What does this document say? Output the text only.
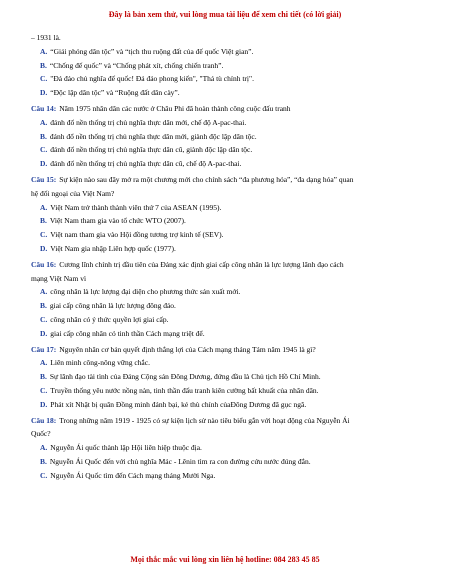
Đây là bản xem thử, vui lòng mua tài liệu để xem chi tiết (có lời giải)
– 1931 là.
A. “Giải phóng dân tộc” và “tịch thu ruộng đất của đế quốc Việt gian”.
B. “Chống đế quốc” và “Chống phát xít, chống chiến tranh”.
C. "Đả đảo chủ nghĩa đế quốc! Đả đảo phong kiến", "Thả tù chính trị".
D. “Độc lập dân tộc” và “Ruộng đất dân cày”.
Câu 14: Năm 1975 nhân dân các nước ở Châu Phi đã hoàn thành công cuộc đấu tranh
A. đánh đổ nền thống trị chủ nghĩa thực dân mới, chế độ A-pac-thai.
B. đánh đổ nền thống trị chủ nghĩa thực dân mới, giành độc lập dân tộc.
C. đánh đổ nền thống trị chủ nghĩa thực dân cũ, giành độc lập dân tộc.
D. đánh đổ nền thống trị chủ nghĩa thực dân cũ, chế độ A-pac-thai.
Câu 15: Sự kiện nào sau đây mở ra một chương mới cho chính sách “đa phương hóa”, “đa dạng hóa” quan
hệ đối ngoại của Việt Nam?
A. Việt Nam trở thành thành viên thứ 7 của ASEAN (1995).
B. Việt Nam tham gia vào tổ chức WTO (2007).
C. Việt nam tham gia vào Hội đồng tương trợ kinh tế (SEV).
D. Việt Nam gia nhập Liên hợp quốc (1977).
Câu 16: Cương lĩnh chính trị đầu tiên của Đảng xác định giai cấp công nhân là lực lượng lãnh đạo cách
mạng Việt Nam vì
A. công nhân là lực lượng đại diện cho phương thức sản xuất mới.
B. giai cấp công nhân là lực lượng đông đảo.
C. công nhân có ý thức quyền lợi giai cấp.
D. giai cấp công nhân có tinh thần Cách mạng triệt để.
Câu 17: Nguyên nhân cơ bản quyết định thắng lợi của Cách mạng tháng Tám năm 1945 là gì?
A. Liên minh công-nông vững chắc.
B. Sự lãnh đạo tài tình của Đảng Cộng sản Đông Dương, đứng đầu là Chủ tịch Hồ Chí Minh.
C. Truyền thống yêu nước nồng nàn, tinh thần đấu tranh kiên cường bất khuất của nhân dân.
D. Phát xít Nhật bị quân Đồng minh đánh bại, kẻ thù chính củaĐông Dương đã gục ngã.
Câu 18: Trong những năm 1919 - 1925 có sự kiện lịch sử nào tiêu biểu gắn với hoạt động của Nguyễn Ái
Quốc?
A. Nguyễn Ái quốc thành lập Hội liên hiệp thuộc địa.
B. Nguyễn Ái Quốc đến với chủ nghĩa Mác - Lênin tìm ra con đường cứu nước đúng đắn.
C. Nguyễn Ái Quốc tìm đến Cách mạng tháng Mười Nga.
Mọi thắc mắc vui lòng xin liên hệ hotline: 084 283 45 85
